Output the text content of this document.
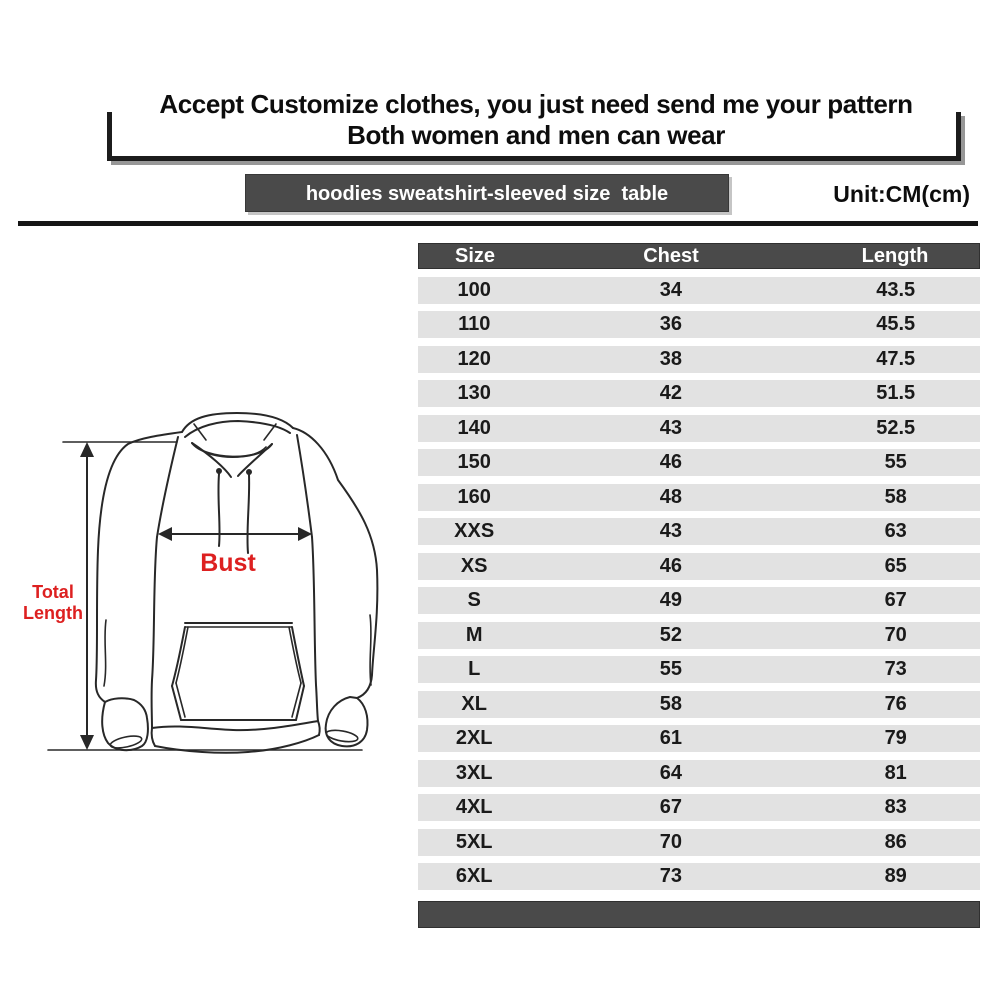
Accept Customize clothes, you just need send me your pattern
Both women and men can wear
hoodies sweatshirt-sleeved size  table	Unit:CM(cm)
Size	Chest	Length
100	34	43.5
110	36	45.5
120	38	47.5
130	42	51.5
140	43	52.5
150	46	55
160	48	58
XXS	43	63
XS	46	65
S	49	67
M	52	70
L	55	73
XL	58	76
2XL	61	79
3XL	64	81
4XL	67	83
5XL	70	86
6XL	73	89
Bust
Total Length
